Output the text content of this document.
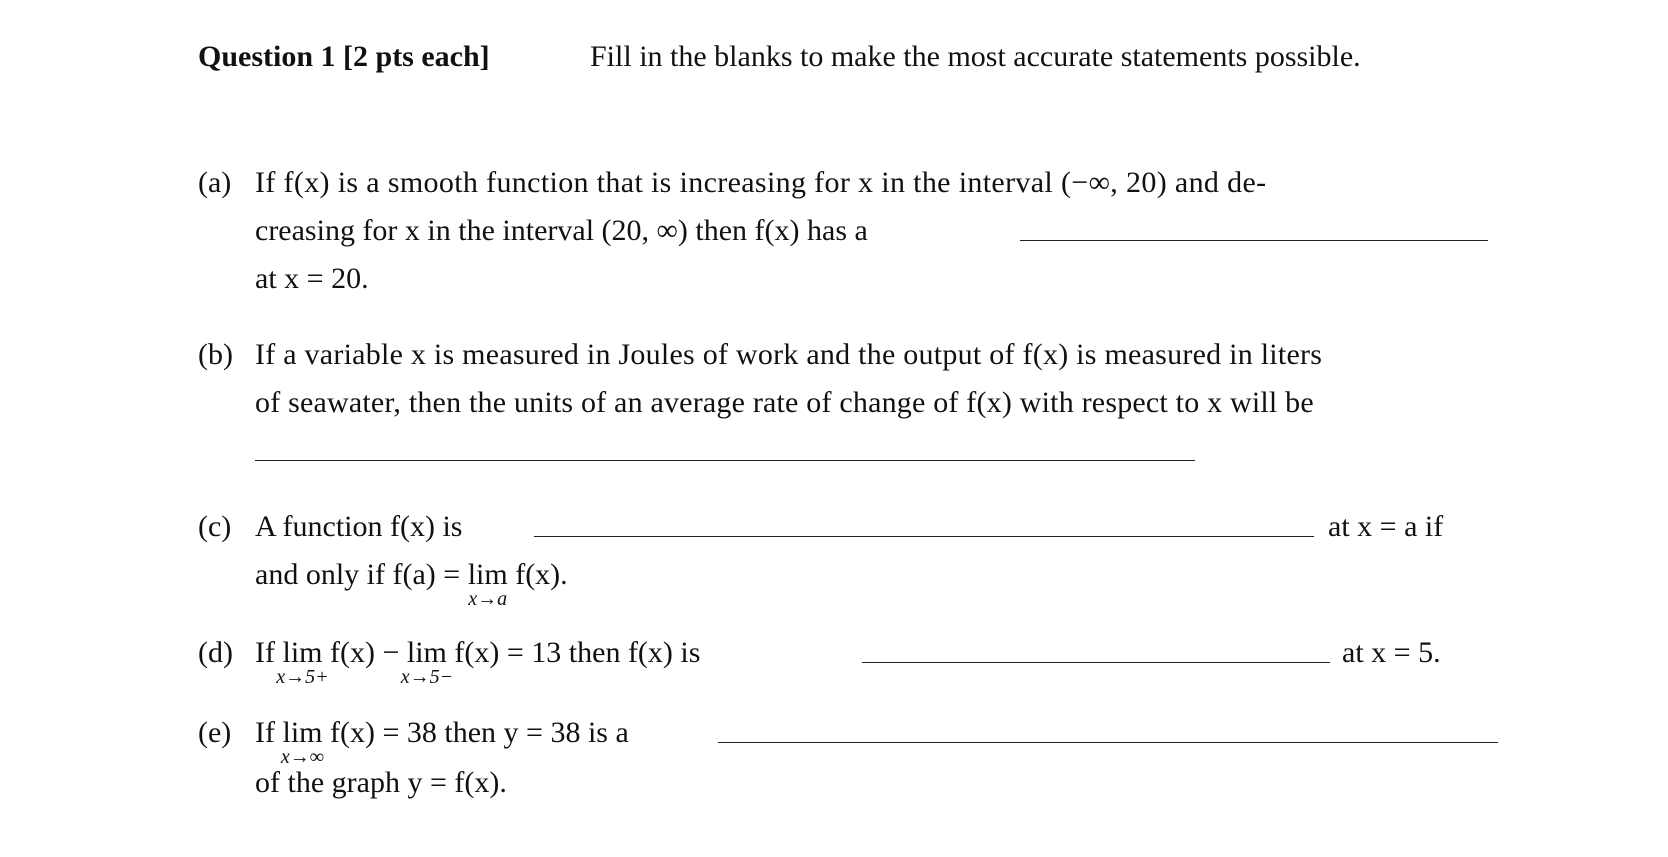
Question 1 [2 pts each]	Fill in the blanks to make the most accurate statements possible.
(a) If f(x) is a smooth function that is increasing for x in the interval (−∞, 20) and de-
creasing for x in the interval (20, ∞) then f(x) has a
at x = 20.
(b) If a variable x is measured in Joules of work and the output of f(x) is measured in liters
of seawater, then the units of an average rate of change of f(x) with respect to x will be
(c) A function f(x) is	at x = a if
and only if f(a) = lim
x→a
f(x).
(d) If lim
x→5+
f(x) − lim
x→5−
f(x) = 13 then f(x) is	at x = 5.
(e) If lim
x→∞
f(x) = 38 then y = 38 is a
of the graph y = f(x).
